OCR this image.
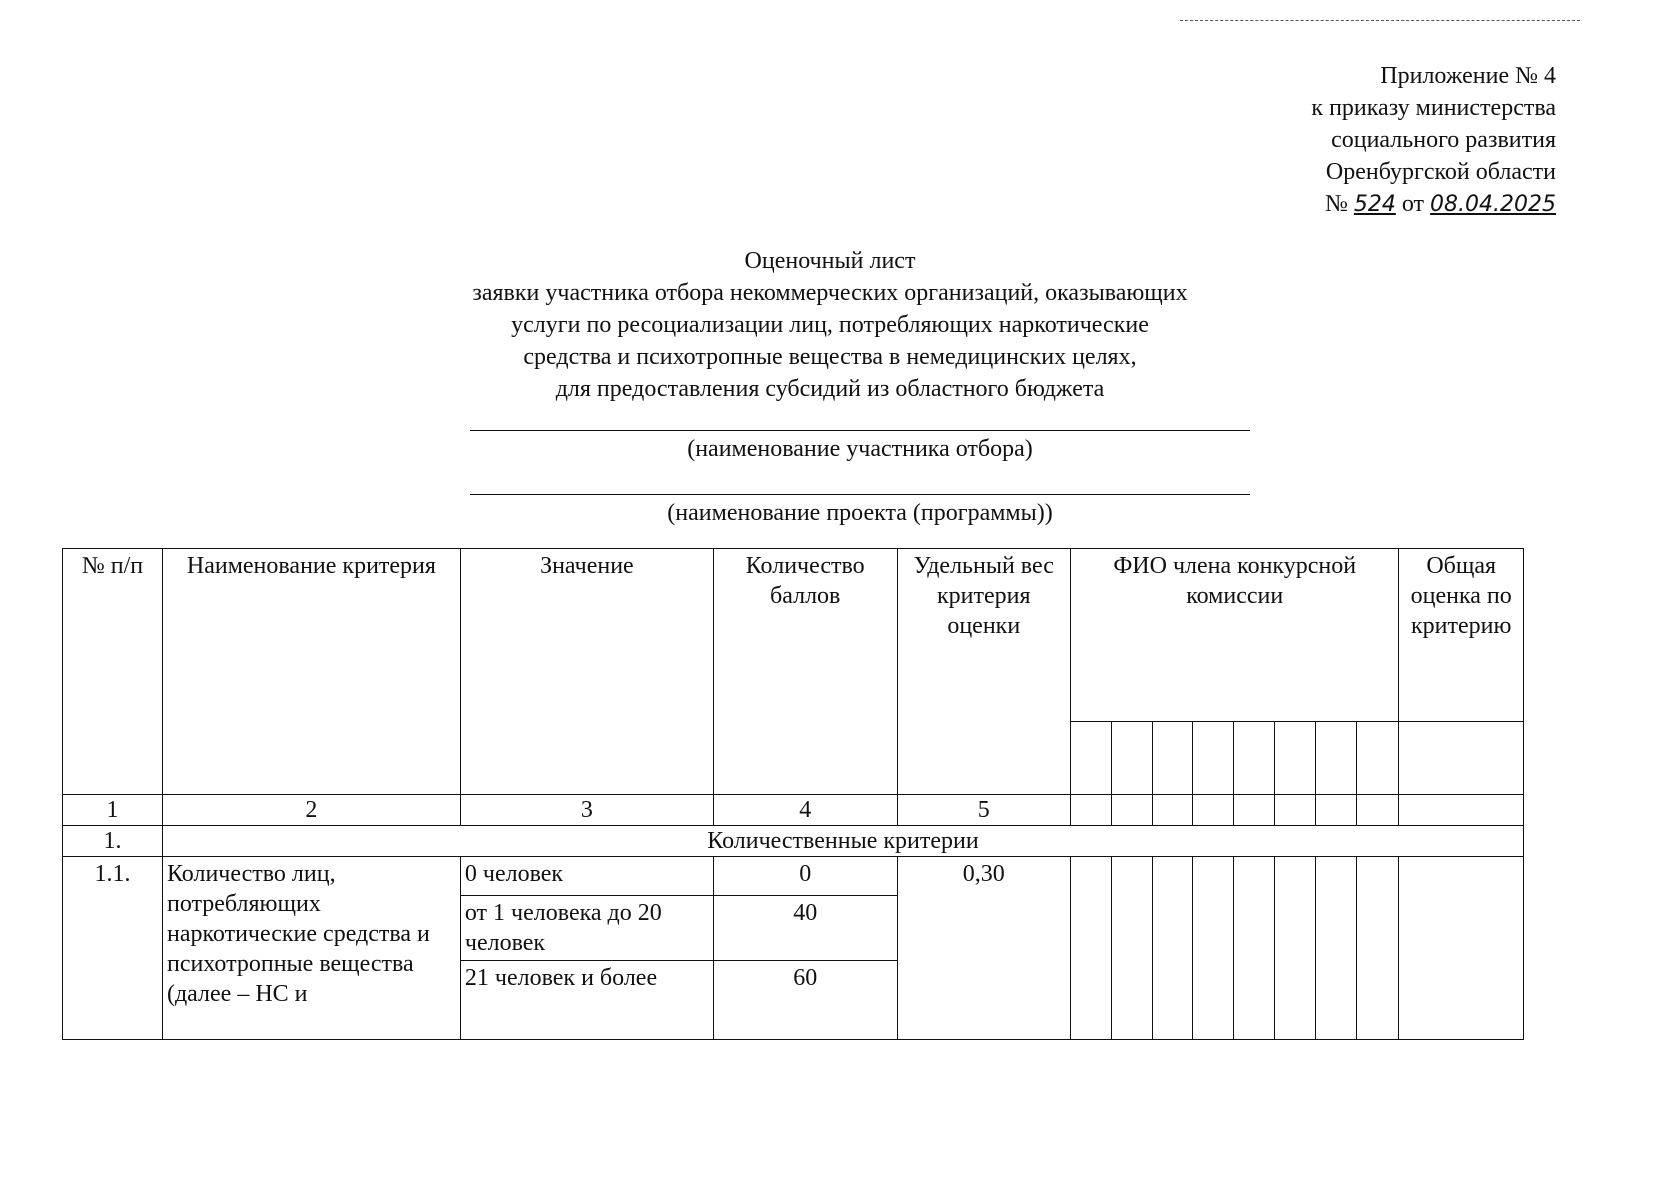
Приложение № 4
к приказу министерства
социального развития
Оренбургской области
№ 524 от 08.04.2025
Оценочный лист
заявки участника отбора некоммерческих организаций, оказывающих
услуги по ресоциализации лиц, потребляющих наркотические
средства и психотропные вещества в немедицинских целях,
для предоставления субсидий из областного бюджета
(наименование участника отбора)
(наименование проекта (программы))
№ п/п	Наименование критерия	Значение	Количество баллов	Удельный вес критерия оценки	ФИО члена конкурсной комиссии								Общая оценка по критерию

1	2	3	4	5									
1.	Количественные критерии												
1.1.	Количество лиц, потребляющих наркотические средства и психотропные вещества (далее – НС и	0 человек	0	0,30									
		от 1 человека до 20 человек	40										
		21 человек и более	60										
